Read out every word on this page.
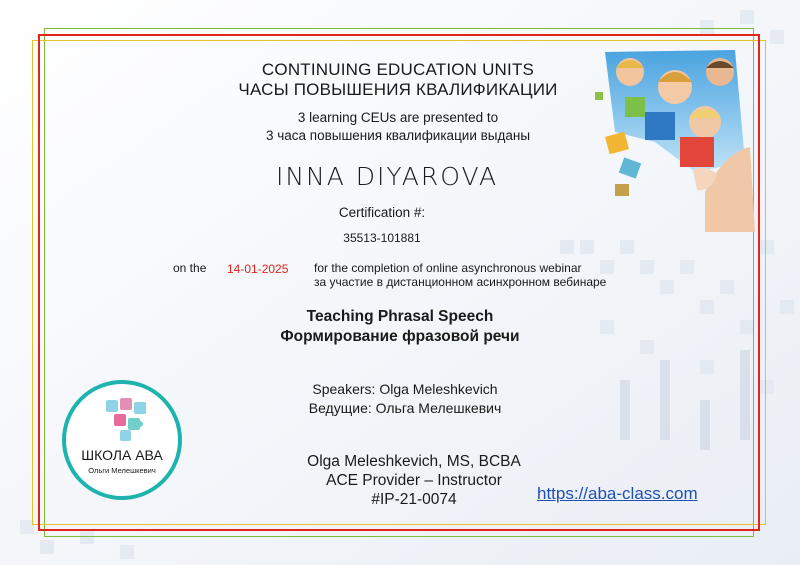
CONTINUING EDUCATION UNITS
ЧАСЫ ПОВЫШЕНИЯ КВАЛИФИКАЦИИ
3 learning CEUs are presented to
3 часа повышения квалификации выданы
INNA DIYAROVA
Certification #:
35513-101881
on the 14-01-2025 for the completion of online asynchronous webinar
за участие в дистанционном асинхронном вебинаре
Teaching Phrasal Speech
Формирование фразовой речи
Speakers: Olga Meleshkevich
Ведущие: Ольга Мелешкевич
Olga Meleshkevich, MS, BCBA
ACE Provider – Instructor
#IP-21-0074	https://aba-class.com
ШКОЛА АВА
Ольги Мелешкевич
